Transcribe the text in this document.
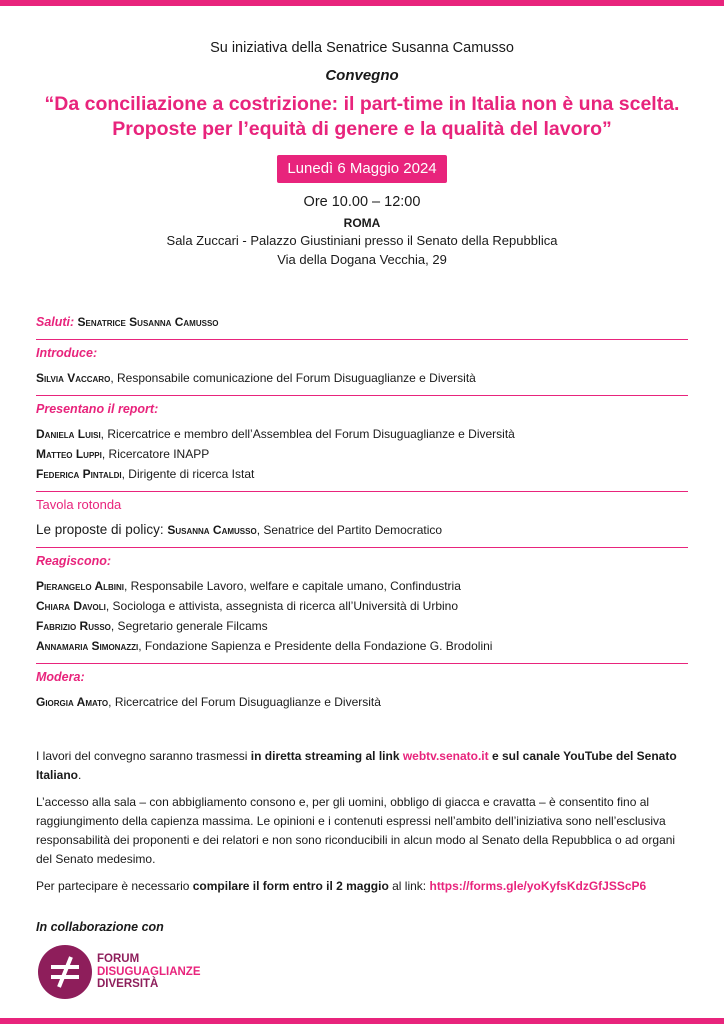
Su iniziativa della Senatrice Susanna Camusso
Convegno
“Da conciliazione a costrizione: il part-time in Italia non è una scelta.
Proposte per l’equità di genere e la qualità del lavoro”
Lunedì 6 Maggio 2024
Ore 10.00 – 12:00
ROMA
Sala Zuccari - Palazzo Giustiniani presso il Senato della Repubblica
Via della Dogana Vecchia, 29
Saluti: Senatrice Susanna Camusso
Introduce:
Silvia Vaccaro, Responsabile comunicazione del Forum Disuguaglianze e Diversità
Presentano il report:
Daniela Luisi, Ricercatrice e membro dell’Assemblea del Forum Disuguaglianze e Diversità
Matteo Luppi, Ricercatore INAPP
Federica Pintaldi, Dirigente di ricerca Istat
Tavola rotonda
Le proposte di policy: Susanna Camusso, Senatrice del Partito Democratico
Reagiscono:
Pierangelo Albini, Responsabile Lavoro, welfare e capitale umano, Confindustria
Chiara Davoli, Sociologa e attivista, assegnista di ricerca all’Università di Urbino
Fabrizio Russo, Segretario generale Filcams
Annamaria Simonazzi, Fondazione Sapienza e Presidente della Fondazione G. Brodolini
Modera:
Giorgia Amato, Ricercatrice del Forum Disuguaglianze e Diversità

I lavori del convegno saranno trasmessi in diretta streaming al link webtv.senato.it e sul canale YouTube del Senato Italiano.

L’accesso alla sala – con abbigliamento consono e, per gli uomini, obbligo di giacca e cravatta – è consentito fino al raggiungimento della capienza massima. Le opinioni e i contenuti espressi nell’ambito dell’iniziativa sono nell’esclusiva responsabilità dei proponenti e dei relatori e non sono riconducibili in alcun modo al Senato della Repubblica o ad organi del Senato medesimo.

Per partecipare è necessario compilare il form entro il 2 maggio al link: https://forms.gle/yoKyfsKdzGfJSScP6

In collaborazione con
FORUM
DISUGUAGLIANZE
DIVERSITÀ
